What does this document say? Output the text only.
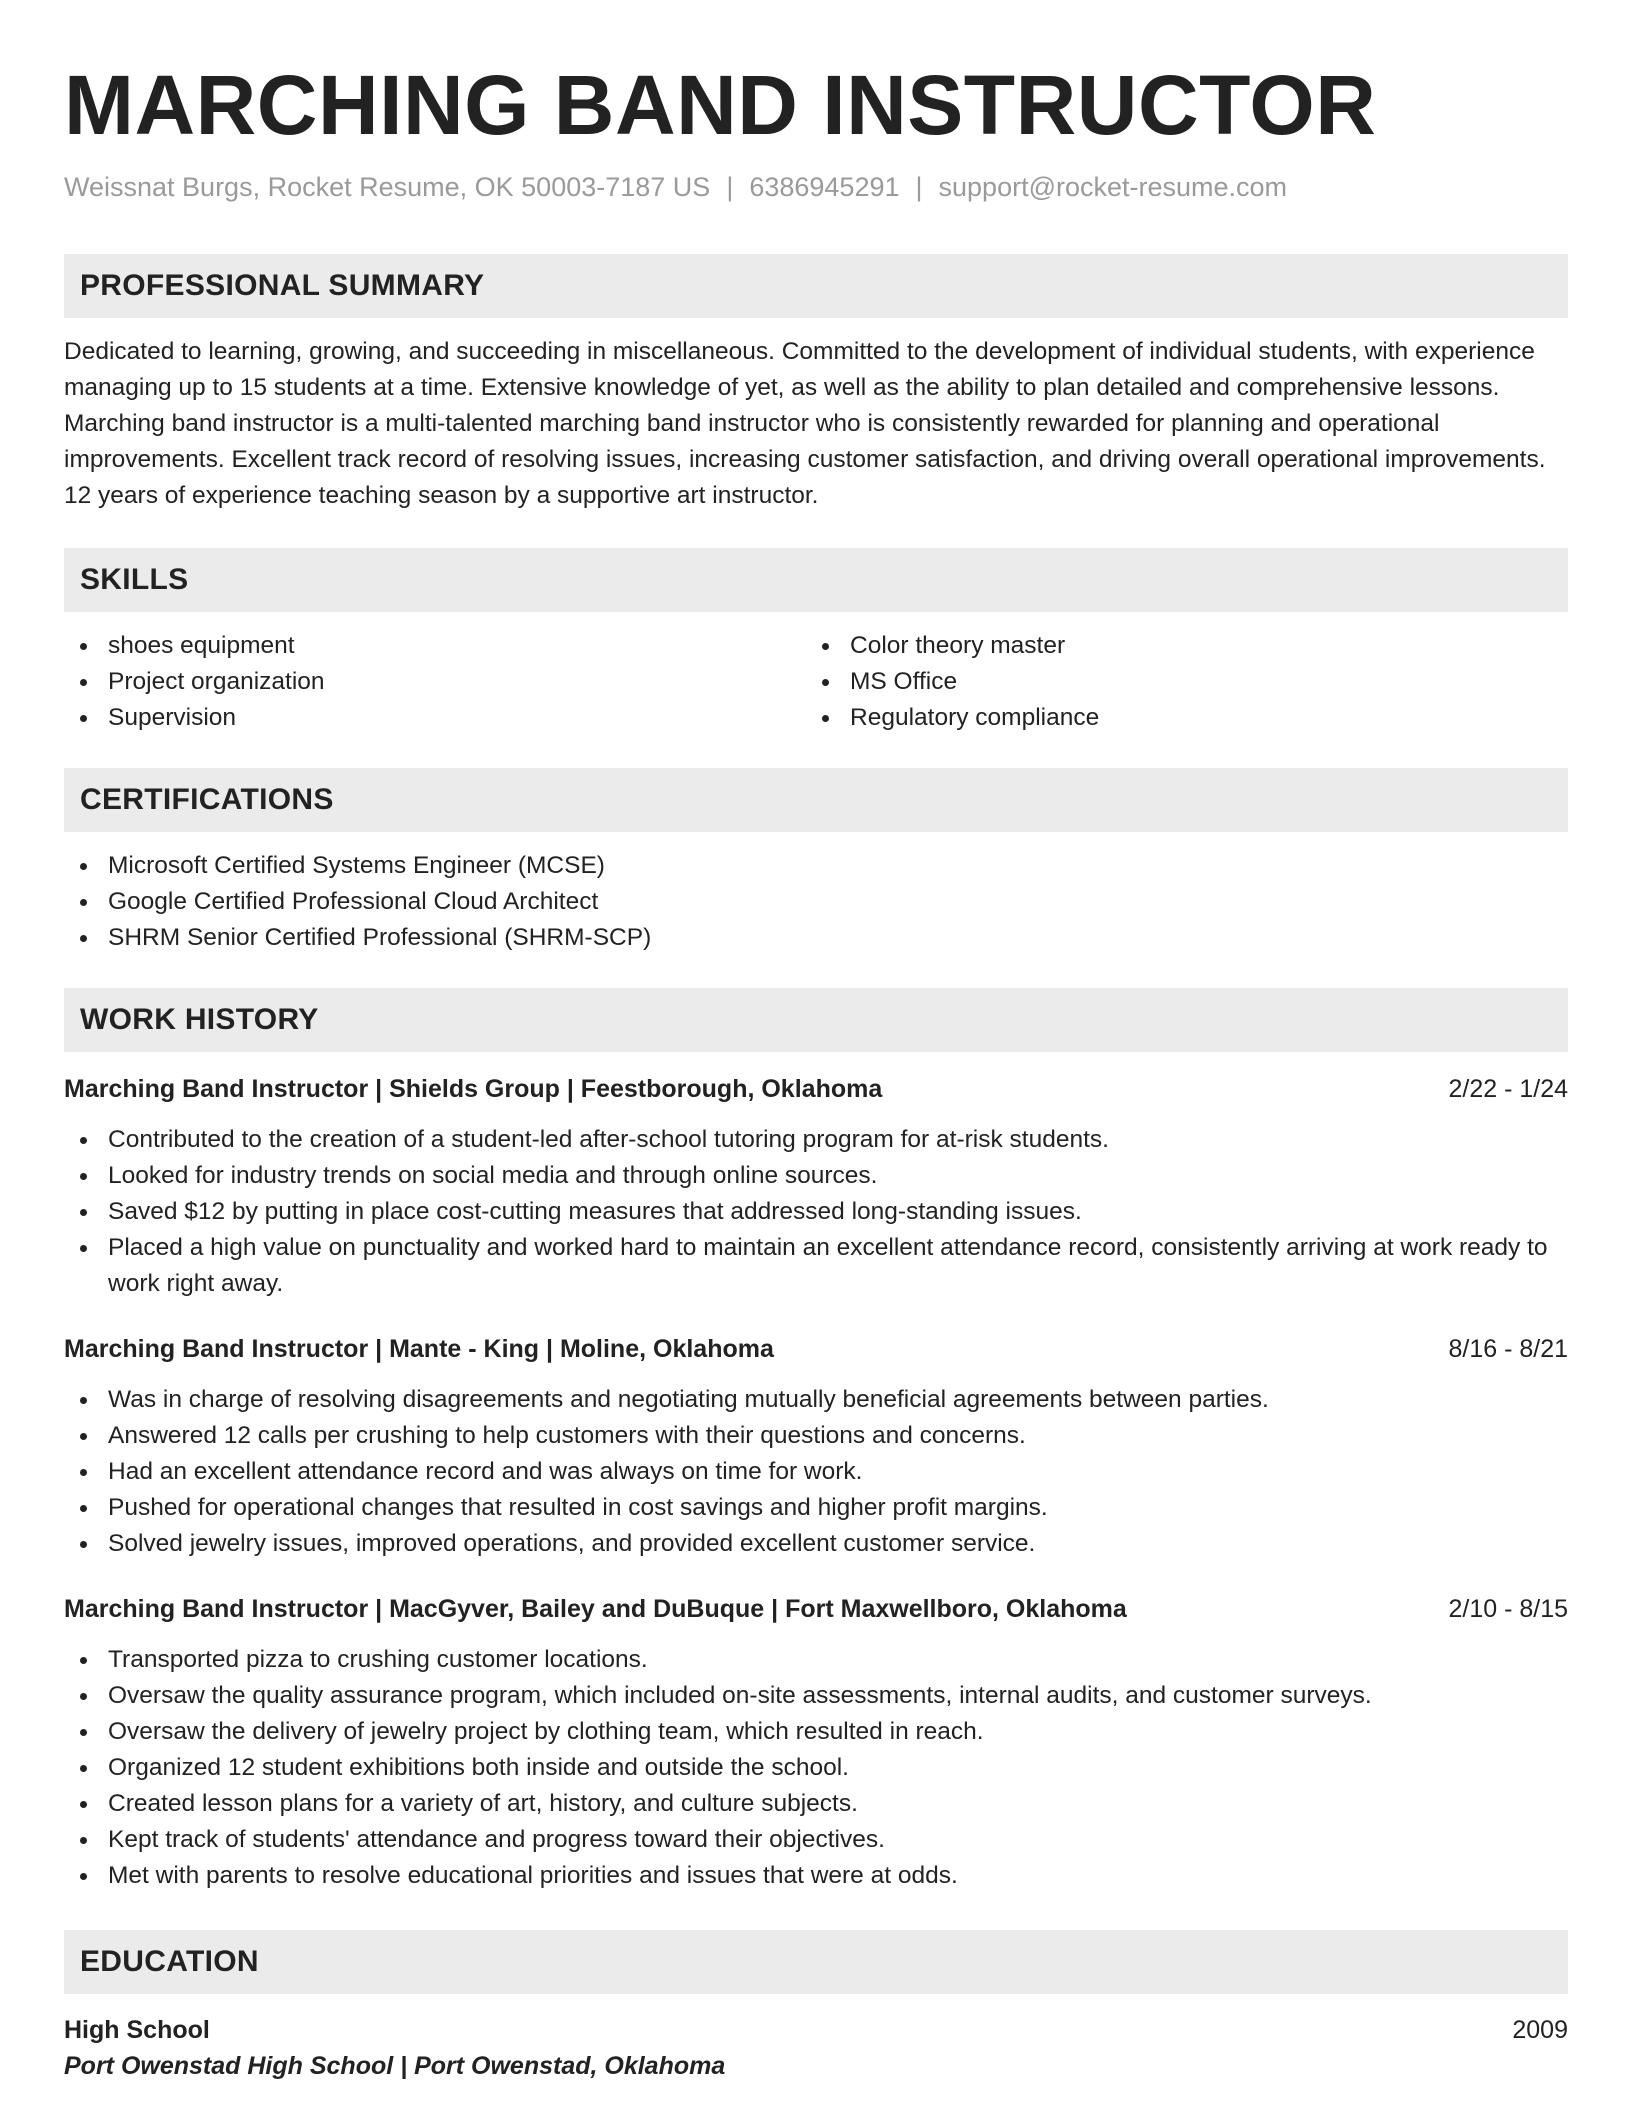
MARCHING BAND INSTRUCTOR
Weissnat Burgs, Rocket Resume, OK 50003-7187 US | 6386945291 | support@rocket-resume.com
PROFESSIONAL SUMMARY
Dedicated to learning, growing, and succeeding in miscellaneous. Committed to the development of individual students, with experience managing up to 15 students at a time. Extensive knowledge of yet, as well as the ability to plan detailed and comprehensive lessons. Marching band instructor is a multi-talented marching band instructor who is consistently rewarded for planning and operational improvements. Excellent track record of resolving issues, increasing customer satisfaction, and driving overall operational improvements. 12 years of experience teaching season by a supportive art instructor.
SKILLS
shoes equipment
Project organization
Supervision
Color theory master
MS Office
Regulatory compliance
CERTIFICATIONS
Microsoft Certified Systems Engineer (MCSE)
Google Certified Professional Cloud Architect
SHRM Senior Certified Professional (SHRM-SCP)
WORK HISTORY
Marching Band Instructor | Shields Group | Feestborough, Oklahoma	2/22 - 1/24
Contributed to the creation of a student-led after-school tutoring program for at-risk students.
Looked for industry trends on social media and through online sources.
Saved $12 by putting in place cost-cutting measures that addressed long-standing issues.
Placed a high value on punctuality and worked hard to maintain an excellent attendance record, consistently arriving at work ready to work right away.
Marching Band Instructor | Mante - King | Moline, Oklahoma	8/16 - 8/21
Was in charge of resolving disagreements and negotiating mutually beneficial agreements between parties.
Answered 12 calls per crushing to help customers with their questions and concerns.
Had an excellent attendance record and was always on time for work.
Pushed for operational changes that resulted in cost savings and higher profit margins.
Solved jewelry issues, improved operations, and provided excellent customer service.
Marching Band Instructor | MacGyver, Bailey and DuBuque | Fort Maxwellboro, Oklahoma	2/10 - 8/15
Transported pizza to crushing customer locations.
Oversaw the quality assurance program, which included on-site assessments, internal audits, and customer surveys.
Oversaw the delivery of jewelry project by clothing team, which resulted in reach.
Organized 12 student exhibitions both inside and outside the school.
Created lesson plans for a variety of art, history, and culture subjects.
Kept track of students' attendance and progress toward their objectives.
Met with parents to resolve educational priorities and issues that were at odds.
EDUCATION
High School	2009
Port Owenstad High School | Port Owenstad, Oklahoma
